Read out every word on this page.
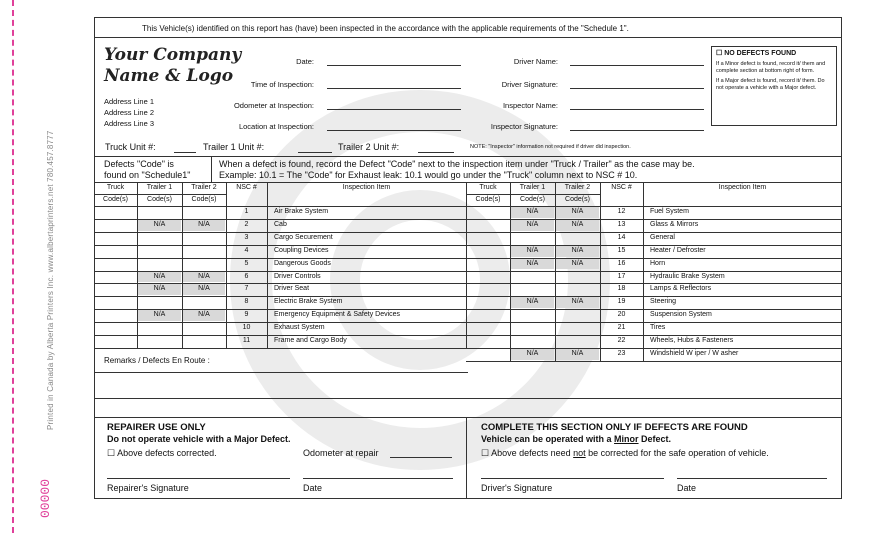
Printed in Canada by Alberta Printers Inc. www.albertaprinters.net 780.457.8777
00000
This Vehicle(s) identified on this report has (have) been inspected in the accordance with the applicable requirements of the "Schedule 1".
Your Company
Name & Logo
Address Line 1
Address Line 2
Address Line 3
Date:
Time of Inspection:
Odometer at Inspection:
Location at Inspection:
Driver Name:
Driver Signature:
Inspector Name:
Inspector Signature:
☐ NO DEFECTS FOUND
If a Minor defect is found, record it/ them and complete section at bottom right of form.
If a Major defect is found, record it/ them. Do not operate a vehicle with a Major defect.
Truck Unit #:	Trailer 1 Unit #:	Trailer 2 Unit #:	NOTE: "Inspector" information not required if driver did inspection.
Defects "Code" is
found on "Schedule1"
When a defect is found, record the Defect "Code" next to the inspection item under "Truck / Trailer" as the case may be.
Example: 10.1 = The "Code" for Exhaust leak: 10.1 would go under the "Truck" column next to NSC # 10.
Truck	Trailer 1	Trailer 2	NSC #	Inspection Item
Code(s)	Code(s)	Code(s)
1	Air Brake System
N/A	N/A	2	Cab
3	Cargo Securement
4	Coupling Devices
5	Dangerous Goods
N/A	N/A	6	Driver Controls
N/A	N/A	7	Driver Seat
8	Electric Brake System
N/A	N/A	9	Emergency Equipment & Safety Devices
10	Exhaust System
11	Frame and Cargo Body
Truck	Trailer 1	Trailer 2	NSC #	Inspection Item
Code(s)	Code(s)	Code(s)
N/A	N/A	12	Fuel System
N/A	N/A	13	Glass & Mirrors
14	General
N/A	N/A	15	Heater / Defroster
N/A	N/A	16	Horn
17	Hydraulic Brake System
18	Lamps & Reflectors
N/A	N/A	19	Steering
20	Suspension System
21	Tires
22	Wheels, Hubs & Fasteners
N/A	N/A	23	Windshield W iper / W asher
Remarks / Defects En Route :
REPAIRER USE ONLY
Do not operate vehicle with a Major Defect.
☐ Above defects corrected.	Odometer at repair
Repairer's Signature	Date
COMPLETE THIS SECTION ONLY IF DEFECTS ARE FOUND
Vehicle can be operated with a Minor Defect.
☐ Above defects need not be corrected for the safe operation of vehicle.
Driver's Signature	Date
